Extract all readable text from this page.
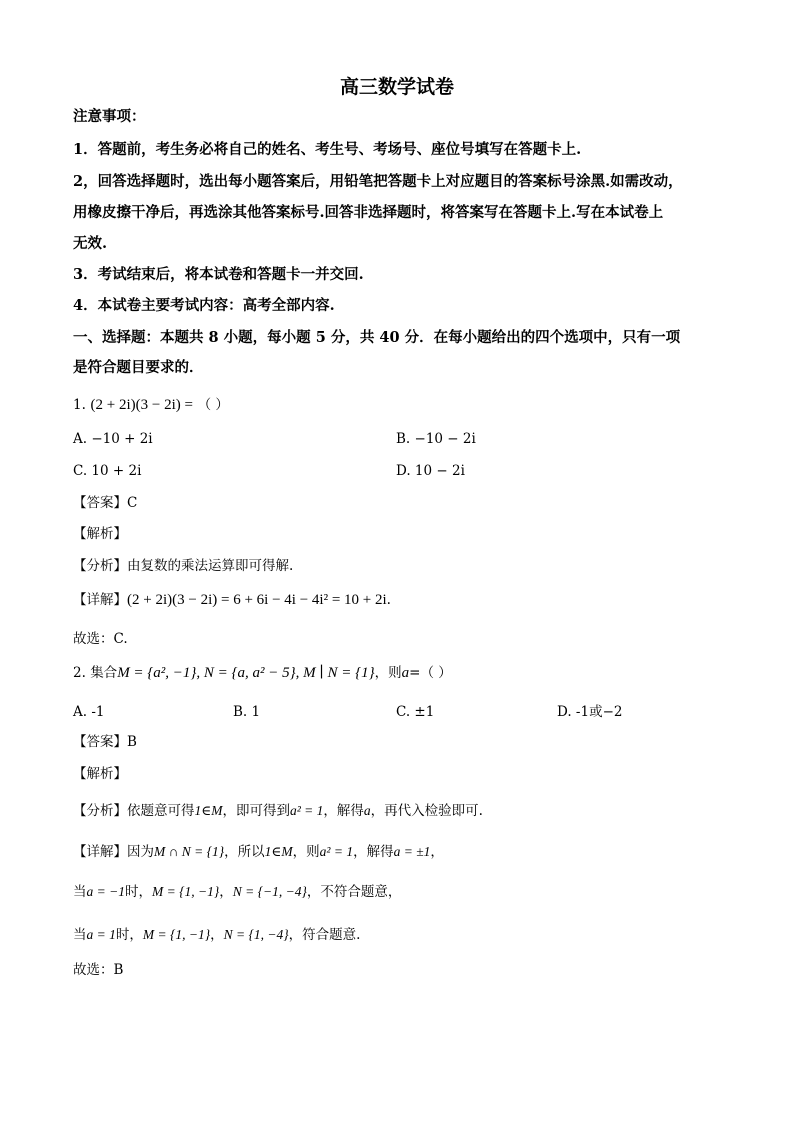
高三数学试卷
注意事项：
1．答题前，考生务必将自己的姓名、考生号、考场号、座位号填写在答题卡上.
2，回答选择题时，选出每小题答案后，用铅笔把答题卡上对应题目的答案标号涂黑.如需改动，
用橡皮擦干净后，再选涂其他答案标号.回答非选择题时，将答案写在答题卡上.写在本试卷上
无效.
3．考试结束后，将本试卷和答题卡一并交回.
4．本试卷主要考试内容：高考全部内容.
一、选择题：本题共 8 小题，每小题 5 分，共 40 分．在每小题给出的四个选项中，只有一项
是符合题目要求的．
1. (2 + 2i)(3 − 2i) = （ ）
A. −10 + 2i	B. −10 − 2i
C. 10 + 2i	D. 10 − 2i
【答案】C
【解析】
【分析】由复数的乘法运算即可得解.
【详解】(2 + 2i)(3 − 2i) = 6 + 6i − 4i − 4i² = 10 + 2i.
故选：C.
2. 集合M = {a², −1}, N = {a, a² − 5}, M ∣ N = {1}，则a=（ ）
A. -1	B. 1	C. ±1	D. -1或−2
【答案】B
【解析】
【分析】依题意可得1∈M，即可得到a² = 1，解得a，再代入检验即可.
【详解】因为M ∩ N = {1}，所以1∈M，则a² = 1，解得a = ±1，
当a = −1时，M = {1, −1}，N = {−1, −4}，不符合题意，
当a = 1时，M = {1, −1}，N = {1, −4}，符合题意.
故选：B
